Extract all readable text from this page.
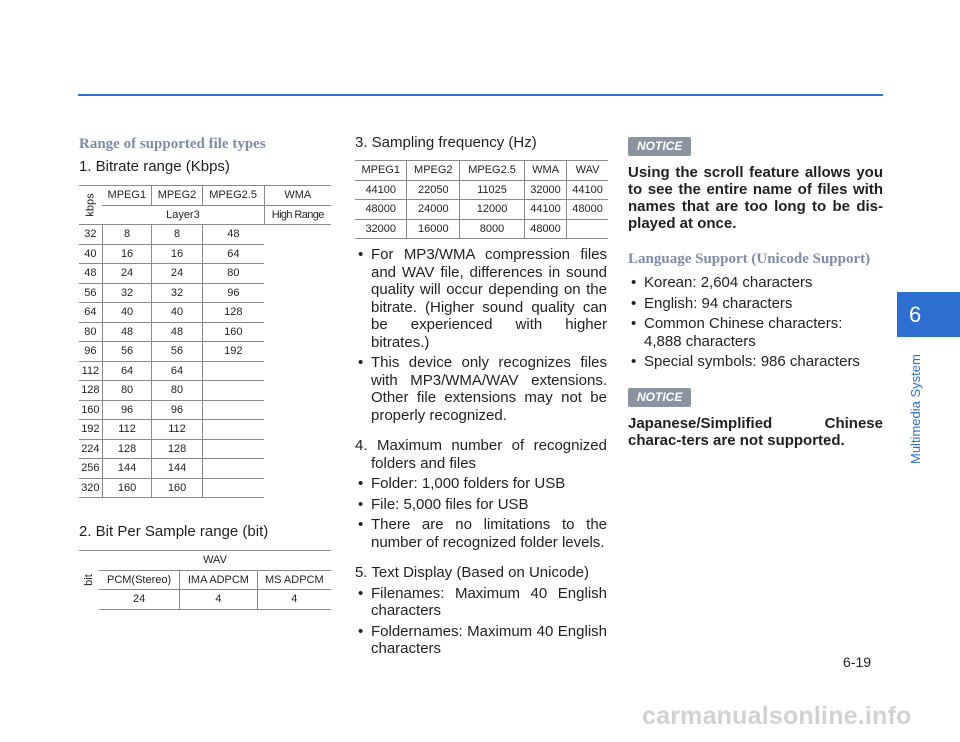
Range of supported file types
1. Bitrate range (Kbps)
kbps	MPEG1	MPEG2	MPEG2.5	WMA
	Layer3			High Range
32	8	8	48	
40	16	16	64	
48	24	24	80	
56	32	32	96	
64	40	40	128	
80	48	48	160	
96	56	56	192	
112	64	64		
128	80	80		
160	96	96		
192	112	112		
224	128	128		
256	144	144		
320	160	160		
2. Bit Per Sample range (bit)
bit	WAV		
	PCM(Stereo)	IMA ADPCM	MS ADPCM
	24	4	4
3. Sampling frequency (Hz)
MPEG1	MPEG2	MPEG2.5	WMA	WAV
44100	22050	11025	32000	44100
48000	24000	12000	44100	48000
32000	16000	8000	48000	
• For MP3/WMA compression files and WAV file, differences in sound quality will occur depending on the bitrate. (Higher sound quality can be experienced with higher bitrates.)
• This device only recognizes files with MP3/WMA/WAV extensions. Other file extensions may not be properly recognized.
4. Maximum number of recognized folders and files
• Folder: 1,000 folders for USB
• File: 5,000 files for USB
• There are no limitations to the number of recognized folder levels.
5. Text Display (Based on Unicode)
• Filenames: Maximum 40 English characters
• Foldernames: Maximum 40 English characters
NOTICE
Using the scroll feature allows you to see the entire name of files with names that are too long to be dis-played at once.
Language Support (Unicode Support)
• Korean: 2,604 characters
• English: 94 characters
• Common Chinese characters: 4,888 characters
• Special symbols: 986 characters
NOTICE
Japanese/Simplified Chinese charac-ters are not supported.
6
Multimedia System
6-19
carmanualsonline.info
